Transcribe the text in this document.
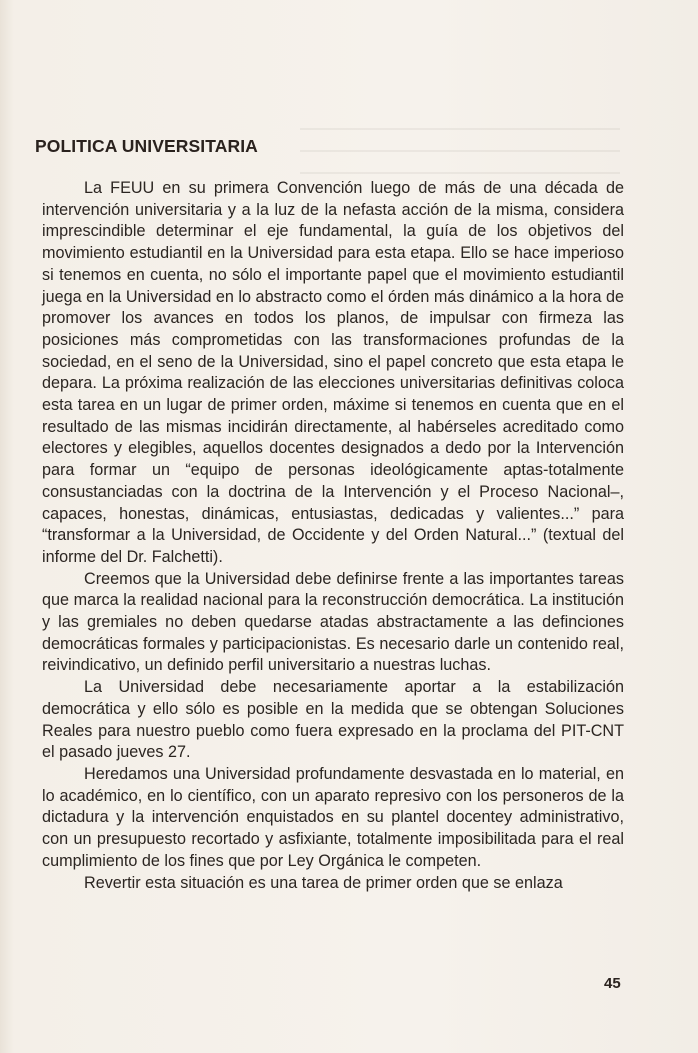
POLITICA UNIVERSITARIA

La FEUU en su primera Convención luego de más de una década de intervención universitaria y a la luz de la nefasta acción de la misma, considera imprescindible determinar el eje fundamental, la guía de los objetivos del movimiento estudiantil en la Universidad para esta etapa. Ello se hace imperioso si tenemos en cuenta, no sólo el importante papel que el movimiento estudiantil juega en la Universidad en lo abstracto como el órden más dinámico a la hora de promover los avances en todos los planos, de impulsar con firmeza las posiciones más comprometidas con las transformaciones profundas de la sociedad, en el seno de la Universidad, sino el papel concreto que esta etapa le depara. La próxima realización de las elecciones universitarias definitivas coloca esta tarea en un lugar de primer orden, máxime si tenemos en cuenta que en el resultado de las mismas incidirán directamente, al habérseles acreditado como electores y elegibles, aquellos docentes designados a dedo por la Intervención para formar un “equipo de personas ideológicamente aptas-totalmente consustanciadas con la doctrina de la Intervención y el Proceso Nacional–, capaces, honestas, dinámicas, entusiastas, dedicadas y valientes...” para “transformar a la Universidad, de Occidente y del Orden Natural...” (textual del informe del Dr. Falchetti).

Creemos que la Universidad debe definirse frente a las importantes tareas que marca la realidad nacional para la reconstrucción democrática. La institución y las gremiales no deben quedarse atadas abstractamente a las definciones democráticas formales y participacionistas. Es necesario darle un contenido real, reivindicativo, un definido perfil universitario a nuestras luchas.

La Universidad debe necesariamente aportar a la estabilización democrática y ello sólo es posible en la medida que se obtengan Soluciones Reales para nuestro pueblo como fuera expresado en la proclama del PIT-CNT el pasado jueves 27.

Heredamos una Universidad profundamente desvastada en lo material, en lo académico, en lo científico, con un aparato represivo con los personeros de la dictadura y la intervención enquistados en su plantel docentey administrativo, con un presupuesto recortado y asfixiante, totalmente imposibilitada para el real cumplimiento de los fines que por Ley Orgánica le competen.

Revertir esta situación es una tarea de primer orden que se enlaza

45
